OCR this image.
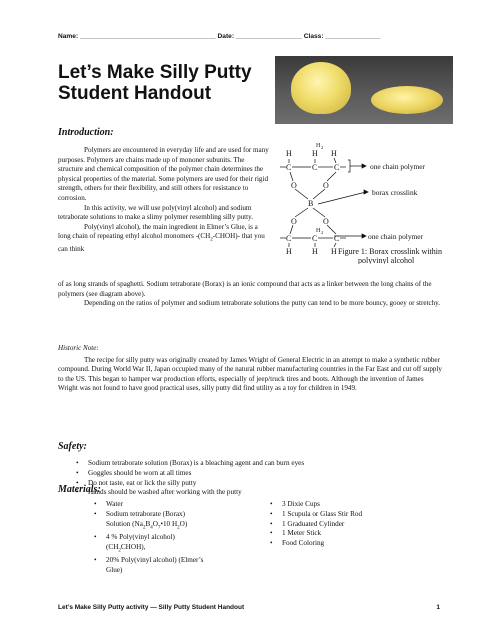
Name: _____________________________________ Date: __________________ Class: _______________
Let’s Make Silly Putty
Student Handout
Introduction:

Polymers are encountered in everyday life and are used for many purposes. Polymers are chains made up of mononer subunits. The structure and chemical composition of the polymer chain determines the physical properties of the material. Some polymers are used for their rigid strength, others for their flexibility, and still others for resistance to corrosion.

In this activity, we will use poly(vinyl alcohol) and sodium tetraborate solutions to make a slimy polymer resembling silly putty.

Poly(vinyl alcohol), the main ingredient in Elmer’s Glue, is a long chain of repeating ethyl alcohol monomers $-(CH_2-CHOH)-$ that you can think

of as long strands of spaghetti. Sodium tetraborate (Borax) is an ionic compound that acts as a linker between the long chains of the polymers (see diagram above).

Depending on the ratios of polymer and sodium tetraborate solutions the putty can tend to be more bouncy, gooey or stretchy.

H	H H
H 2
C	C C
O	O
B
O	O
C	C C
H 2
H	H H
one chain polymer
borax crosslink
one chain polymer
Figure 1: Borax crosslink within
polyvinyl alcohol
Historic Note:

The recipe for silly putty was originally created by James Wright of General Electric in an attempt to make a synthetic rubber compound. During World War II, Japan occupied many of the natural rubber manufacturing countries in the Far East and cut off supply to the US. This began to hamper war production efforts, especially of jeep/truck tires and boots. Although the invention of James Wright was not found to have good practical uses, silly putty did find utility as a toy for children in 1949.

Safety:
• Sodium tetraborate solution (Borax) is a bleaching agent and can burn eyes
• Goggles should be worn at all times
• Do not taste, eat or lick the silly putty
• Hands should be washed after working with the putty
Materials:
• Water
• Sodium tetraborate (Borax)
Solution ($Na_2B_4O_7•10$ $H_2O$)
• 4 % Poly(vinyl alcohol)
$(CH_2CHOH)$,
• 20% Poly(vinyl alcohol) (Elmer’s
Glue)
• 3 Dixie Cups
• 1 Scupula or Glass Stir Rod
• 1 Graduated Cylinder
• 1 Meter Stick
• Food Coloring
Let’s Make Silly Putty activity — Silly Putty Student Handout	1
